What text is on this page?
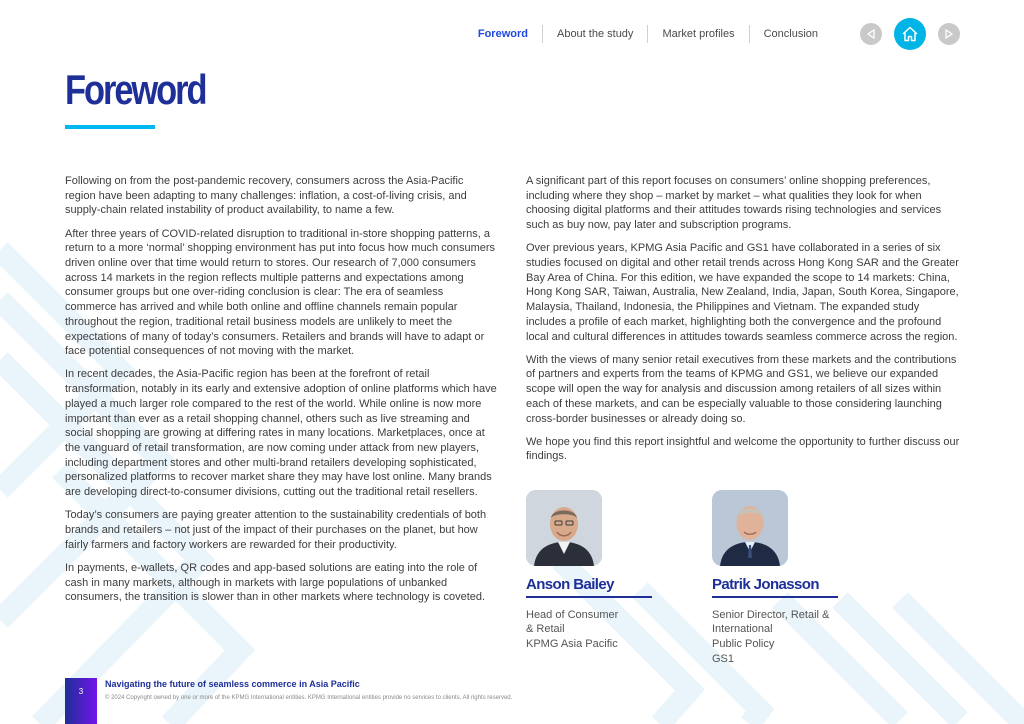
Foreword	About the study	Market profiles	Conclusion
Foreword

Following on from the post-pandemic recovery, consumers across the Asia-Pacific region have been adapting to many challenges: inflation, a cost-of-living crisis, and supply-chain related instability of product availability, to name a few.

After three years of COVID-related disruption to traditional in-store shopping patterns, a return to a more ‘normal’ shopping environment has put into focus how much consumers driven online over that time would return to stores. Our research of 7,000 consumers across 14 markets in the region reflects multiple patterns and expectations among consumer groups but one over-riding conclusion is clear: The era of seamless commerce has arrived and while both online and offline channels remain popular throughout the region, traditional retail business models are unlikely to meet the expectations of many of today’s consumers. Retailers and brands will have to adapt or face potential consequences of not moving with the market.

In recent decades, the Asia-Pacific region has been at the forefront of retail transformation, notably in its early and extensive adoption of online platforms which have played a much larger role compared to the rest of the world. While online is now more important than ever as a retail shopping channel, others such as live streaming and social shopping are growing at differing rates in many locations. Marketplaces, once at the vanguard of retail transformation, are now coming under attack from new players, including department stores and other multi-brand retailers developing sophisticated, personalized platforms to recover market share they may have lost online. Many brands are developing direct-to-consumer divisions, cutting out the traditional retail resellers.

Today’s consumers are paying greater attention to the sustainability credentials of both brands and retailers – not just of the impact of their purchases on the planet, but how fairly farmers and factory workers are rewarded for their productivity.

In payments, e-wallets, QR codes and app-based solutions are eating into the role of cash in many markets, although in markets with large populations of unbanked consumers, the transition is slower than in other markets where technology is coveted.

A significant part of this report focuses on consumers’ online shopping preferences, including where they shop – market by market – what qualities they look for when choosing digital platforms and their attitudes towards rising technologies and services such as buy now, pay later and subscription programs.

Over previous years, KPMG Asia Pacific and GS1 have collaborated in a series of six studies focused on digital and other retail trends across Hong Kong SAR and the Greater Bay Area of China. For this edition, we have expanded the scope to 14 markets: China, Hong Kong SAR, Taiwan, Australia, New Zealand, India, Japan, South Korea, Singapore, Malaysia, Thailand, Indonesia, the Philippines and Vietnam. The expanded study includes a profile of each market, highlighting both the convergence and the profound local and cultural differences in attitudes towards seamless commerce across the region.

With the views of many senior retail executives from these markets and the contributions of partners and experts from the teams of KPMG and GS1, we believe our expanded scope will open the way for analysis and discussion among retailers of all sizes within each of these markets, and can be especially valuable to those considering launching cross-border businesses or already doing so.

We hope you find this report insightful and welcome the opportunity to further discuss our findings.

Anson Bailey
Head of Consumer
& Retail
KPMG Asia Pacific
Patrik Jonasson
Senior Director, Retail &
International
Public Policy
GS1
3
Navigating the future of seamless commerce in Asia Pacific
© 2024 Copyright owned by one or more of the KPMG International entities. KPMG International entities provide no services to clients. All rights reserved.
